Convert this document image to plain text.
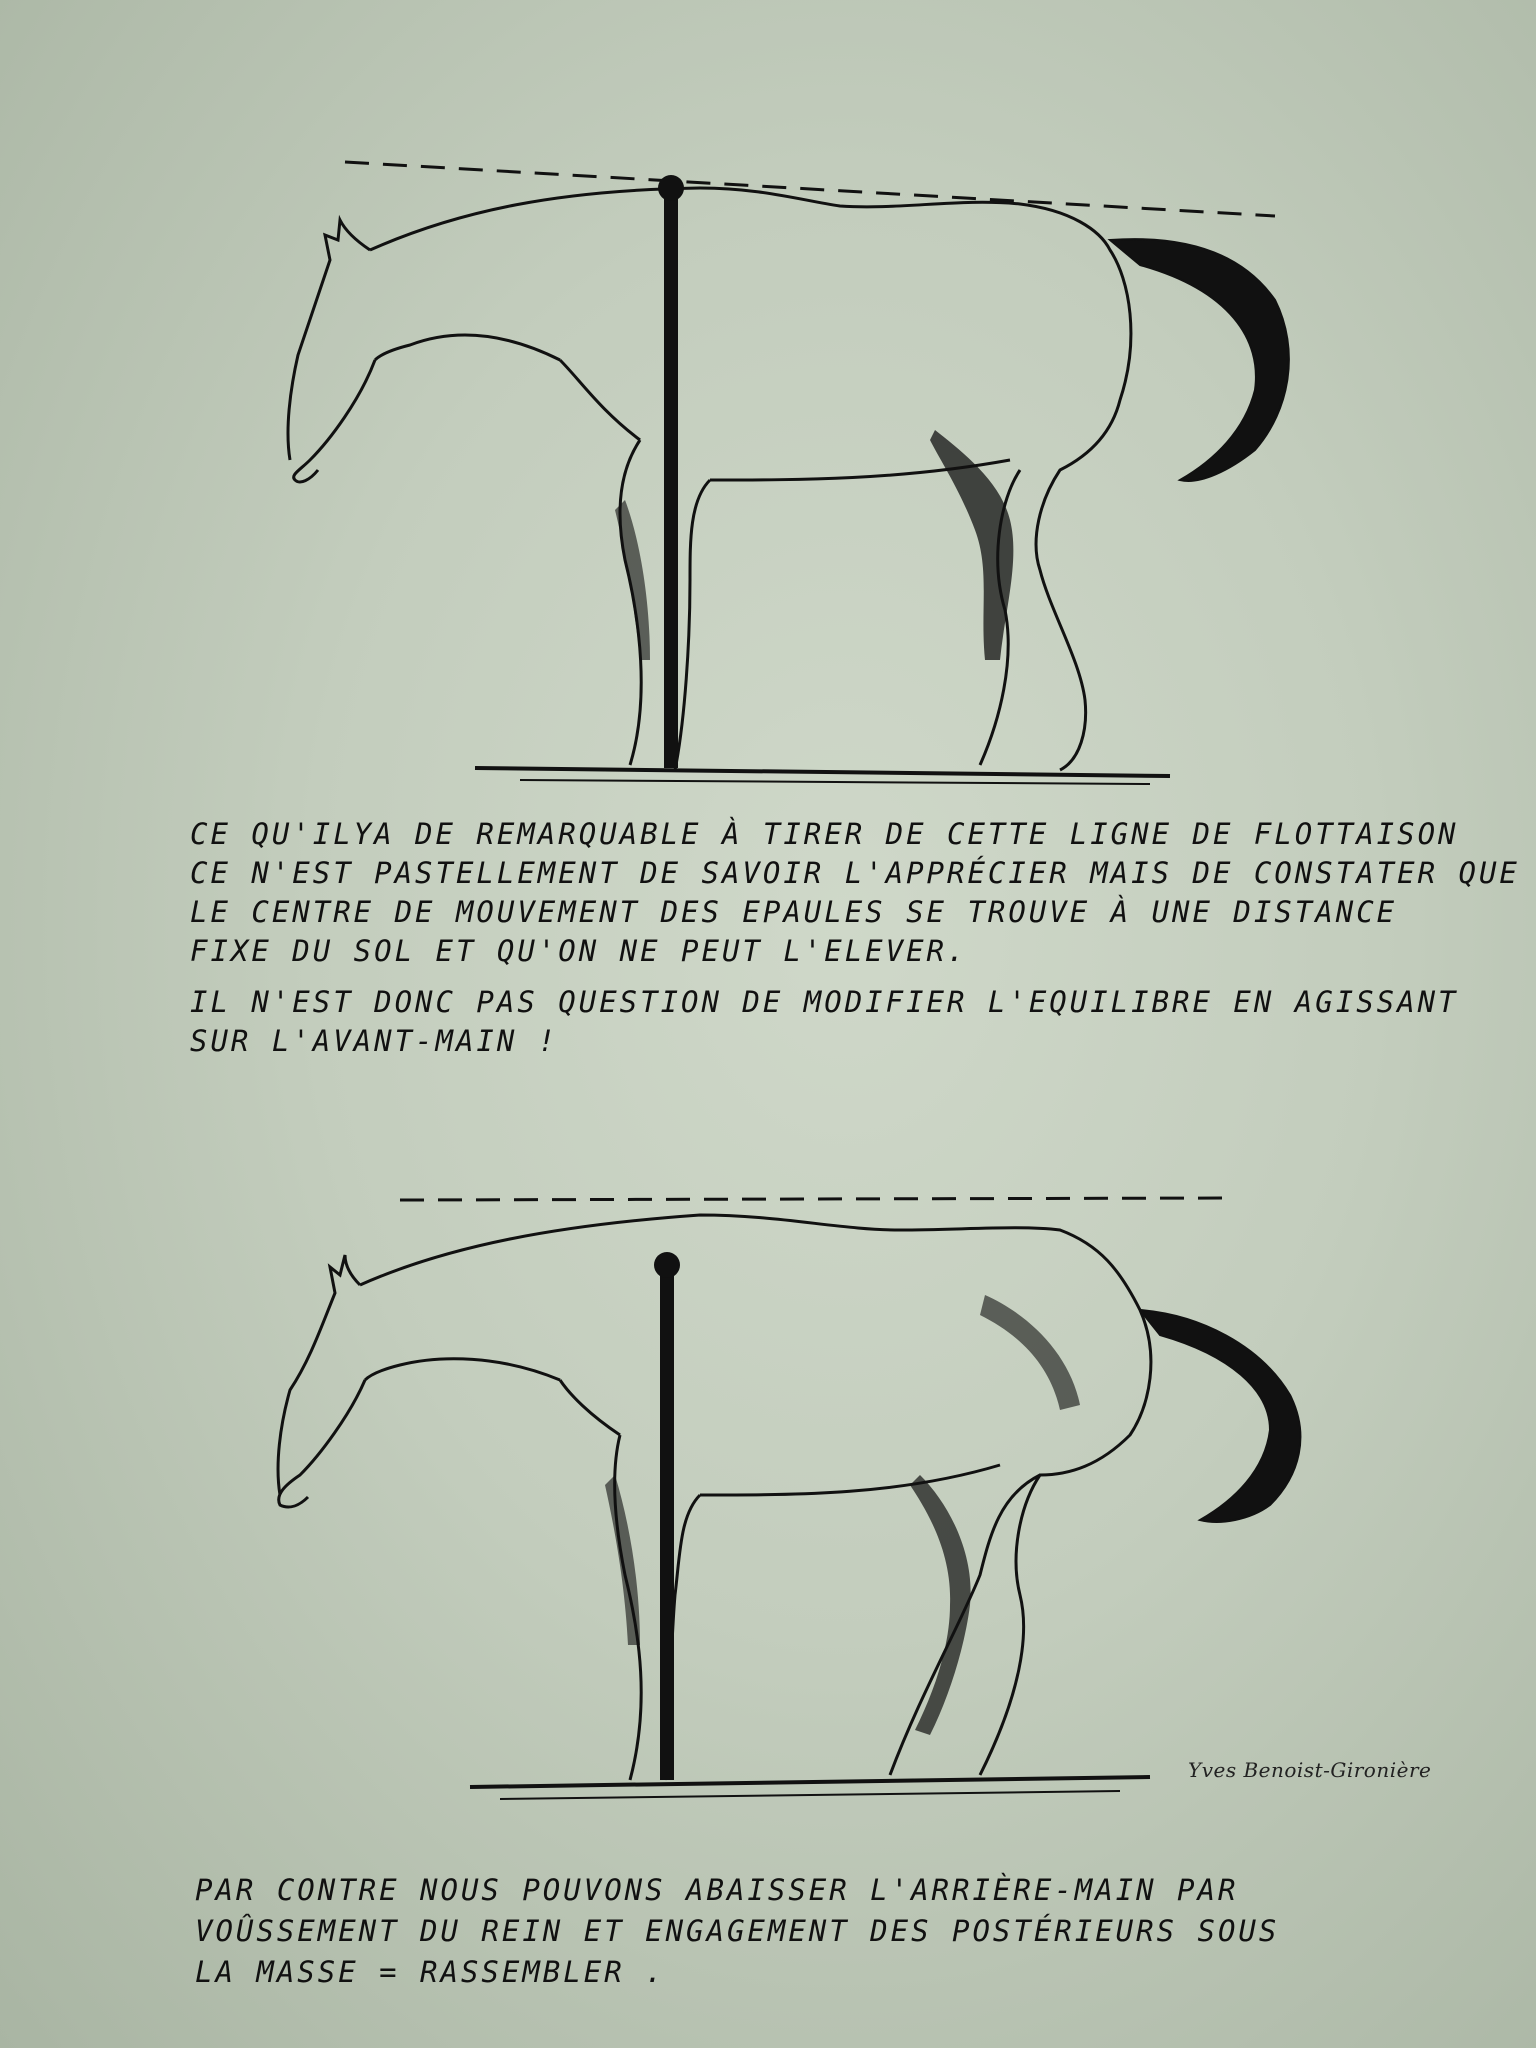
CE QU'ILYA DE REMARQUABLE À TIRER DE CETTE LIGNE DE FLOTTAISON
CE N'EST PASTELLEMENT DE SAVOIR L'APPRÉCIER MAIS DE CONSTATER QUE
LE CENTRE DE MOUVEMENT DES EPAULES SE TROUVE À UNE DISTANCE
FIXE DU SOL ET QU'ON NE PEUT L'ELEVER.
IL N'EST DONC PAS QUESTION DE MODIFIER L'EQUILIBRE EN AGISSANT
SUR L'AVANT-MAIN !
Yves Benoist-Gironière
PAR CONTRE NOUS POUVONS ABAISSER L'ARRIÈRE-MAIN PAR
VOÛSSEMENT DU REIN ET ENGAGEMENT DES POSTÉRIEURS SOUS
LA MASSE = RASSEMBLER .
